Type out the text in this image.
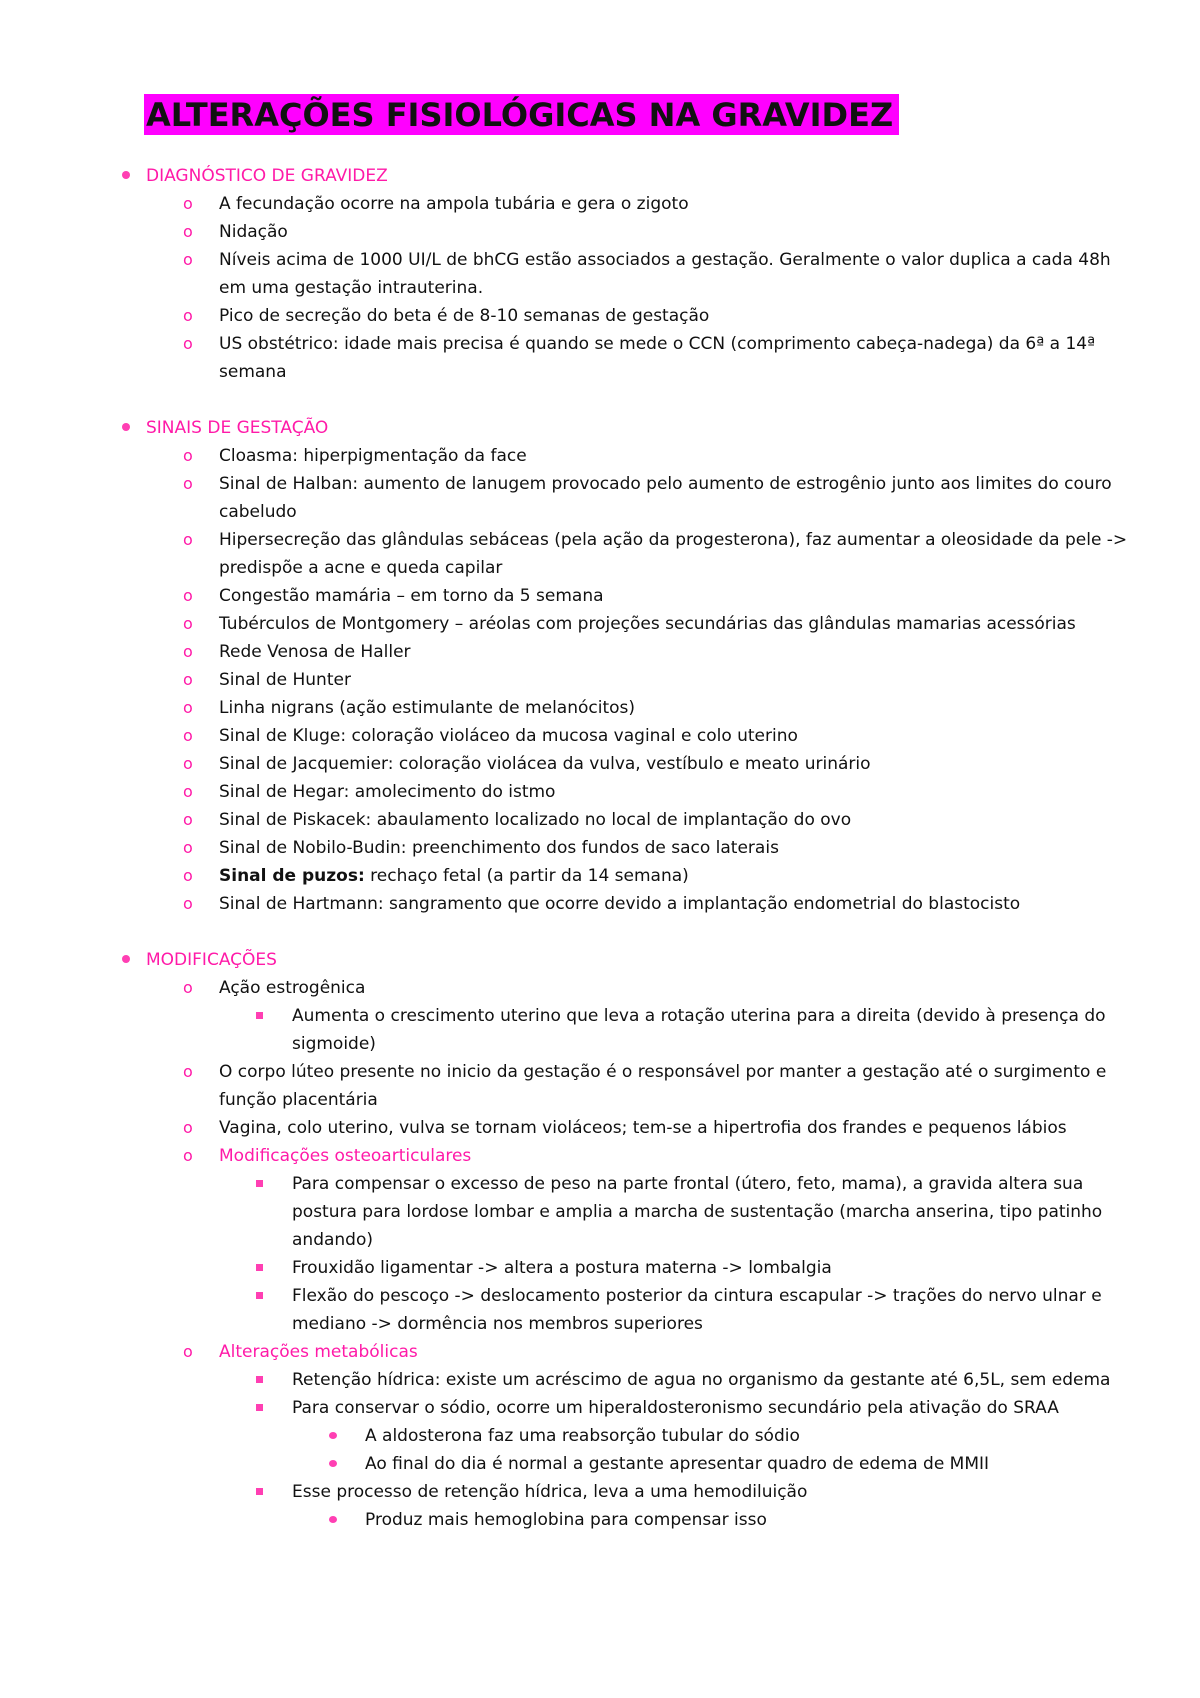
ALTERAÇÕES FISIOLÓGICAS NA GRAVIDEZ
DIAGNÓSTICO DE GRAVIDEZ
o A fecundação ocorre na ampola tubária e gera o zigoto
o Nidação
o Níveis acima de 1000 UI/L de bhCG estão associados a gestação. Geralmente o valor duplica a cada 48h em uma gestação intrauterina.
o Pico de secreção do beta é de 8-10 semanas de gestação
o US obstétrico: idade mais precisa é quando se mede o CCN (comprimento cabeça-nadega) da 6ª a 14ª semana
SINAIS DE GESTAÇÃO
o Cloasma: hiperpigmentação da face
o Sinal de Halban: aumento de lanugem provocado pelo aumento de estrogênio junto aos limites do couro cabeludo
o Hipersecreção das glândulas sebáceas (pela ação da progesterona), faz aumentar a oleosidade da pele -> predispõe a acne e queda capilar
o Congestão mamária – em torno da 5 semana
o Tubérculos de Montgomery – aréolas com projeções secundárias das glândulas mamarias acessórias
o Rede Venosa de Haller
o Sinal de Hunter
o Linha nigrans (ação estimulante de melanócitos)
o Sinal de Kluge: coloração violáceo da mucosa vaginal e colo uterino
o Sinal de Jacquemier: coloração violácea da vulva, vestíbulo e meato urinário
o Sinal de Hegar: amolecimento do istmo
o Sinal de Piskacek: abaulamento localizado no local de implantação do ovo
o Sinal de Nobilo-Budin: preenchimento dos fundos de saco laterais
o Sinal de puzos: rechaço fetal (a partir da 14 semana)
o Sinal de Hartmann: sangramento que ocorre devido a implantação endometrial do blastocisto
MODIFICAÇÕES
o Ação estrogênica
Aumenta o crescimento uterino que leva a rotação uterina para a direita (devido à presença do sigmoide)
o O corpo lúteo presente no inicio da gestação é o responsável por manter a gestação até o surgimento e função placentária
o Vagina, colo uterino, vulva se tornam violáceos; tem-se a hipertrofia dos frandes e pequenos lábios
o Modificações osteoarticulares
Para compensar o excesso de peso na parte frontal (útero, feto, mama), a gravida altera sua postura para lordose lombar e amplia a marcha de sustentação (marcha anserina, tipo patinho andando)
Frouxidão ligamentar -> altera a postura materna -> lombalgia
Flexão do pescoço -> deslocamento posterior da cintura escapular -> trações do nervo ulnar e mediano -> dormência nos membros superiores
o Alterações metabólicas
Retenção hídrica: existe um acréscimo de agua no organismo da gestante até 6,5L, sem edema
Para conservar o sódio, ocorre um hiperaldosteronismo secundário pela ativação do SRAA
A aldosterona faz uma reabsorção tubular do sódio
Ao final do dia é normal a gestante apresentar quadro de edema de MMII
Esse processo de retenção hídrica, leva a uma hemodiluição
Produz mais hemoglobina para compensar isso
